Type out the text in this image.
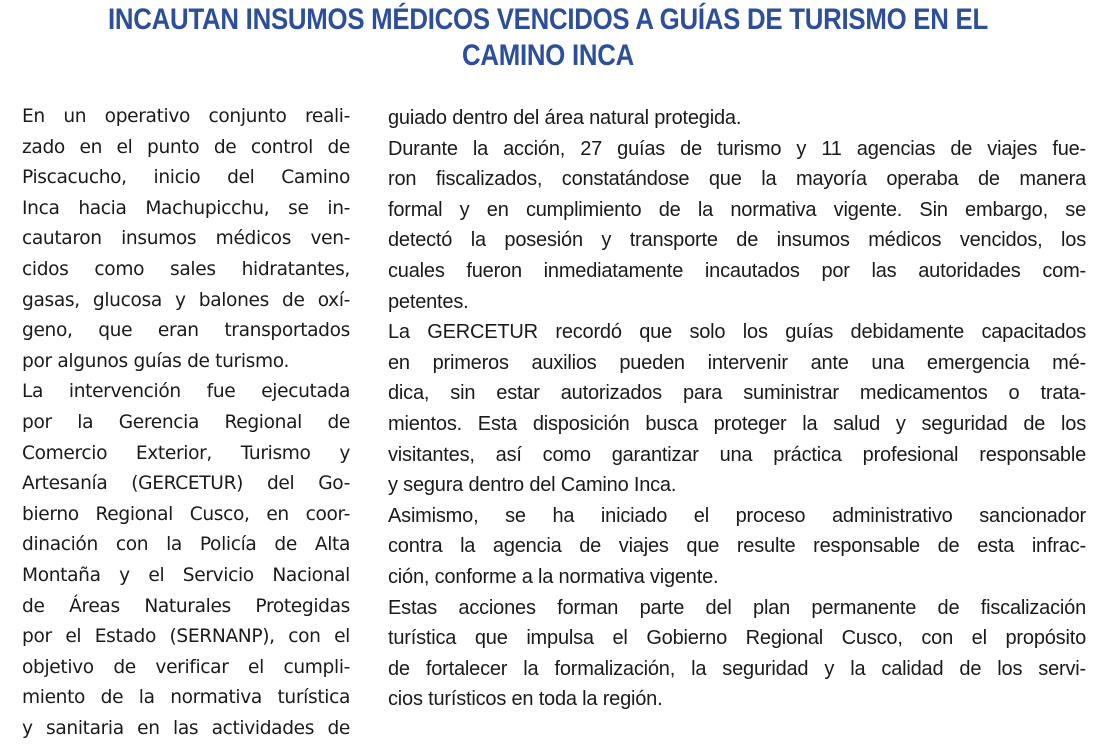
INCAUTAN INSUMOS MÉDICOS VENCIDOS A GUÍAS DE TURISMO EN EL
CAMINO INCA
En un operativo conjunto reali-
zado en el punto de control de
Piscacucho, inicio del Camino
Inca hacia Machupicchu, se in-
cautaron insumos médicos ven-
cidos como sales hidratantes,
gasas, glucosa y balones de oxí-
geno, que eran transportados
por algunos guías de turismo.
La intervención fue ejecutada
por la Gerencia Regional de
Comercio Exterior, Turismo y
Artesanía (GERCETUR) del Go-
bierno Regional Cusco, en coor-
dinación con la Policía de Alta
Montaña y el Servicio Nacional
de Áreas Naturales Protegidas
por el Estado (SERNANP), con el
objetivo de verificar el cumpli-
miento de la normativa turística
y sanitaria en las actividades de
guiado dentro del área natural protegida.
Durante la acción, 27 guías de turismo y 11 agencias de viajes fue-
ron fiscalizados, constatándose que la mayoría operaba de manera
formal y en cumplimiento de la normativa vigente. Sin embargo, se
detectó la posesión y transporte de insumos médicos vencidos, los
cuales fueron inmediatamente incautados por las autoridades com-
petentes.
La GERCETUR recordó que solo los guías debidamente capacitados
en primeros auxilios pueden intervenir ante una emergencia mé-
dica, sin estar autorizados para suministrar medicamentos o trata-
mientos. Esta disposición busca proteger la salud y seguridad de los
visitantes, así como garantizar una práctica profesional responsable
y segura dentro del Camino Inca.
Asimismo, se ha iniciado el proceso administrativo sancionador
contra la agencia de viajes que resulte responsable de esta infrac-
ción, conforme a la normativa vigente.
Estas acciones forman parte del plan permanente de fiscalización
turística que impulsa el Gobierno Regional Cusco, con el propósito
de fortalecer la formalización, la seguridad y la calidad de los servi-
cios turísticos en toda la región.
